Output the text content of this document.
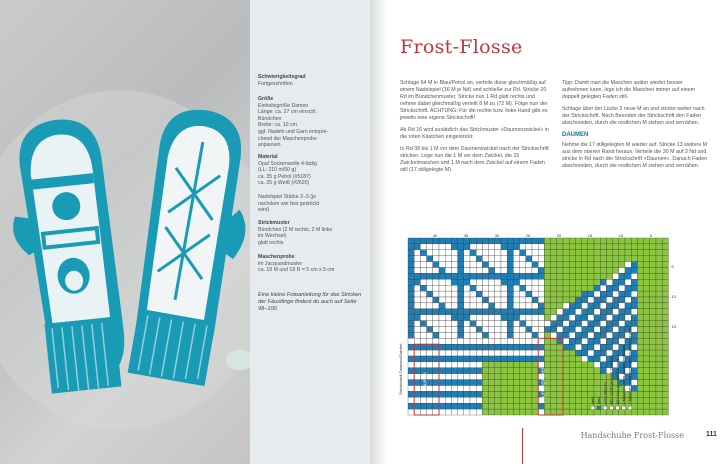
Schwierigkeitsgrad
Fortgeschritten
Größe
Einheitsgröße Damen
Länge: ca. 27 cm einschl.
Bündchen
Breite: ca. 10 cm
ggf. Nadeln und Garn entspre-
chend der Maschenprobe
anpassen
Material
Opal Sockenwolle 4-fädig
(LL: 210 m/50 g)
ca. 35 g Petrol (#5187)
ca. 35 g Weiß (#2620)
Nadelspiel Stärke 2–3 (je
nachdem wie fest gestrickt
wird)
Strickmuster
Bündchen (2 M rechts, 2 M links
im Wechsel)
glatt rechts
Maschenprobe
im Jacquardmuster
ca. 19 M und 18 R = 5 cm x 5 cm
Eine kleine Fotoanleitung für das Stricken der Fäustlinge findest du auch auf Seite 98–100.
Frost-Flosse

Schlage 64 M in Blau/Petrol an, verteile diese gleichmäßig auf einem Nadelspiel (16 M je Nd) und schließe zur Rd. Stricke 20 Rd im Bündchenmuster. Stricke nun 1 Rd glatt rechts und nehme dabei gleichmäßig verteilt 8 M zu (72 M). Folge nun der Strickschrift. ACHTUNG: Für die rechte bzw. linke Hand gibt es jeweils eine eigene Strickschrift!

Ab Rd 16 wird zusätzlich das Strickmuster »Daumenzwickel« in die roten Kästchen eingestrickt.

In Rd 38 bis 1 M vor dem Daumenzwickel nach der Strickschrift stricken. Lege nun die 1 M vor dem Zwickel, die 15 Zwickelmaschen und 1 M nach dem Zwickel auf einem Faden still (17 stillgelegte M).

Tipp: Damit man die Maschen später wieder besser aufnehmen kann, lege ich die Maschen immer auf einem doppelt gelegten Faden still.

Schlage über der Lücke 3 neue M an und stricke weiter nach der Strickschrift. Nach Beenden der Strickschrift den Faden abschneiden, durch die restlichen M ziehen und vernähen.

DAUMEN

Nehme die 17 stillgelegten M wieder auf. Stricke 13 weitere M aus dem oberen Rand heraus. Verteile die 30 M auf 3 Nd und stricke in Rd nach der Strickschrift »Daumen«. Danach Faden abschneiden, durch die restlichen M ziehen und vernähen.

40	35	30	25	20	15	10	5
5
10
15
Strickschrift Daumen/Zwickel	Daumen	Daumenzwickel	weiß blau keine Masche M1r: rechts geneigte Zunahme M1l: links geneigte Zunahme 2 Maschen rechts zusammenstricken 2 Maschen rechts überzogen zusammenstricken
Handschuhe Frost-Flosse	111
